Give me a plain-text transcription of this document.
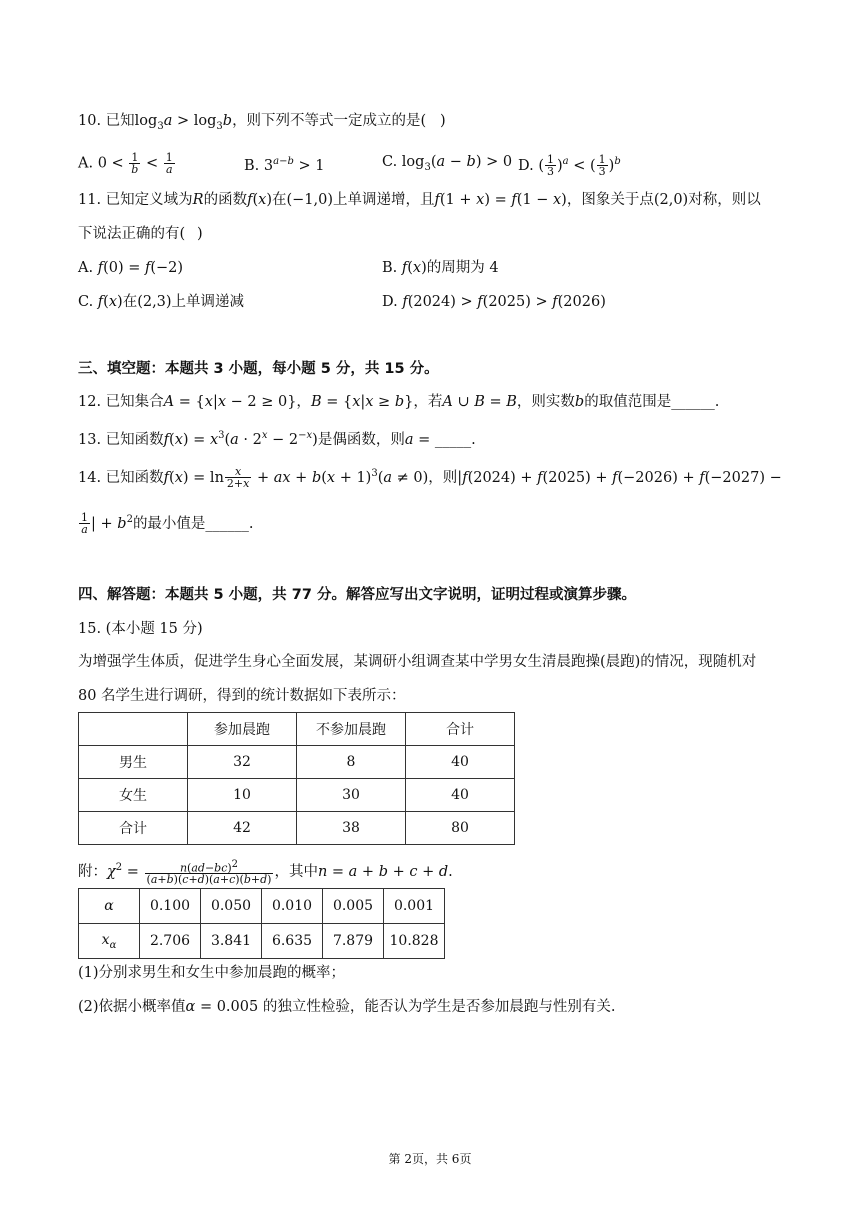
10. 已知$\log_3a > \log_3b$，则下列不等式一定成立的是(   )
A. $0 < \frac{1}{b} < \frac{1}{a}$	B. $3^{a-b} > 1$	C. $\log_3(a - b) > 0$ D. ( $\frac{1}{3} )^a$ < ( $\frac{1}{3} )^b$
11. 已知定义域为R的函数f(x)在(−1,0)上单调递增，且f(1 + x) = f(1 − x)，图象关于点(2,0)对称，则以
下说法正确的有(  )
A. f(0) = f(−2)	B. f(x)的周期为 4
C. f(x)在(2,3)上单调递减	D. f(2024) > f(2025) > f(2026)
三、填空题：本题共 3 小题，每小题 5 分，共 15 分。
12. 已知集合A = {x|x − 2 ≥ 0}，B = {x|x ≥ b}，若A ∪ B = B，则实数b的取值范围是______.
13. 已知函数$f(x) = x^3(a \cdot 2^x - 2^{-x})$是偶函数，则a = _____.
14. 已知函数$f(x) = \ln \frac{x}{2+x}$ + ax + $b(x + 1)^3(a \ne 0)$，则|f(2024) + f(2025) + f(−2026) + f(−2027) −
$\frac{1}{a}$ | + $b^2$的最小值是______.
四、解答题：本题共 5 小题，共 77 分。解答应写出文字说明，证明过程或演算步骤。
15. (本小题 15 分)
为增强学生体质，促进学生身心全面发展，某调研小组调查某中学男女生清晨跑操(晨跑)的情况，现随机对
80 名学生进行调研，得到的统计数据如下表所示：
	参加晨跑	不参加晨跑	合计
男生	32	8	40
女生	10	30	40
合计	42	38	80
附：$\chi^2 = \frac{n(ad-bc)^2}{(a+b)(c+d)(a+c)(b+d)}$ ，其中n = a + b + c + d.
α	0.100	0.050	0.010	0.005	0.001
$x_\alpha$	2.706	3.841	6.635	7.879	10.828
(1)分别求男生和女生中参加晨跑的概率；
(2)依据小概率值α = 0.005 的独立性检验，能否认为学生是否参加晨跑与性别有关.
第 2页，共 6页
